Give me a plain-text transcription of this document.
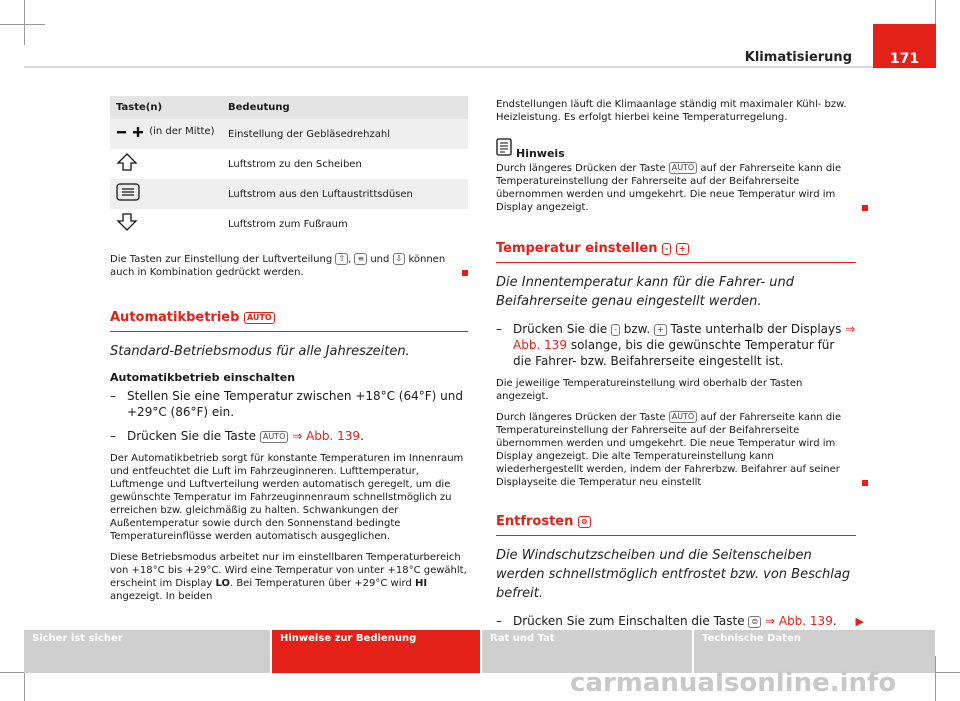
Klimatisierung	171
Taste(n)	Bedeutung

(in der Mitte)	Einstellung der Gebläsedrehzahl

	Luftstrom zu den Scheiben

	Luftstrom aus den Luftaustrittsdüsen

	Luftstrom zum Fußraum

Die Tasten zur Einstellung der Luftverteilung ⇧ , ≡ und ⇩ können auch in Kombination gedrückt werden.

Automatikbetrieb AUTO
Standard-Betriebsmodus für alle Jahreszeiten.
Automatikbetrieb einschalten
– Stellen Sie eine Temperatur zwischen +18°C (64°F) und +29°C (86°F) ein.
– Drücken Sie die Taste AUTO ⇒ Abb. 139.

Der Automatikbetrieb sorgt für konstante Temperaturen im Innenraum und entfeuchtet die Luft im Fahrzeuginneren. Lufttemperatur, Luftmenge und Luftverteilung werden automatisch geregelt, um die gewünschte Temperatur im Fahrzeuginnenraum schnellstmöglich zu erreichen bzw. gleichmäßig zu halten. Schwankungen der Außentemperatur sowie durch den Sonnenstand bedingte Temperatureinflüsse werden automatisch ausgeglichen.

Diese Betriebsmodus arbeitet nur im einstellbaren Temperaturbereich von +18°C bis +29°C. Wird eine Temperatur von unter +18°C gewählt, erscheint im Display LO. Bei Temperaturen über +29°C wird HI angezeigt. In beiden

Endstellungen läuft die Klimaanlage ständig mit maximaler Kühl- bzw. Heizleistung. Es erfolgt hierbei keine Temperaturregelung.

Hinweis

Durch längeres Drücken der Taste AUTO auf der Fahrerseite kann die Temperatureinstellung der Fahrerseite auf der Beifahrerseite übernommen werden und umgekehrt. Die neue Temperatur wird im Display angezeigt.

Temperatur einstellen - +
Die Innentemperatur kann für die Fahrer- und Beifahrerseite genau eingestellt werden.
– Drücken Sie die - bzw. + Taste unterhalb der Displays ⇒ Abb. 139 solange, bis die gewünschte Temperatur für die Fahrer- bzw. Beifahrerseite eingestellt ist.

Die jeweilige Temperatureinstellung wird oberhalb der Tasten angezeigt.

Durch längeres Drücken der Taste AUTO auf der Fahrerseite kann die Temperatureinstellung der Fahrerseite auf der Beifahrerseite übernommen werden und umgekehrt. Die neue Temperatur wird im Display angezeigt. Die alte Temperatureinstellung kann wiederhergestellt werden, indem der Fahrerbzw. Beifahrer auf seiner Displayseite die Temperatur neu einstellt

Entfrosten ⊜
Die Windschutzscheiben und die Seitenscheiben werden schnellstmöglich entfrostet bzw. von Beschlag befreit.
– Drücken Sie zum Einschalten die Taste ⊜ ⇒ Abb. 139. ▶
Sicher ist sicher	Hinweise zur Bedienung	Rat und Tat	Technische Daten
carmanualsonline.info
